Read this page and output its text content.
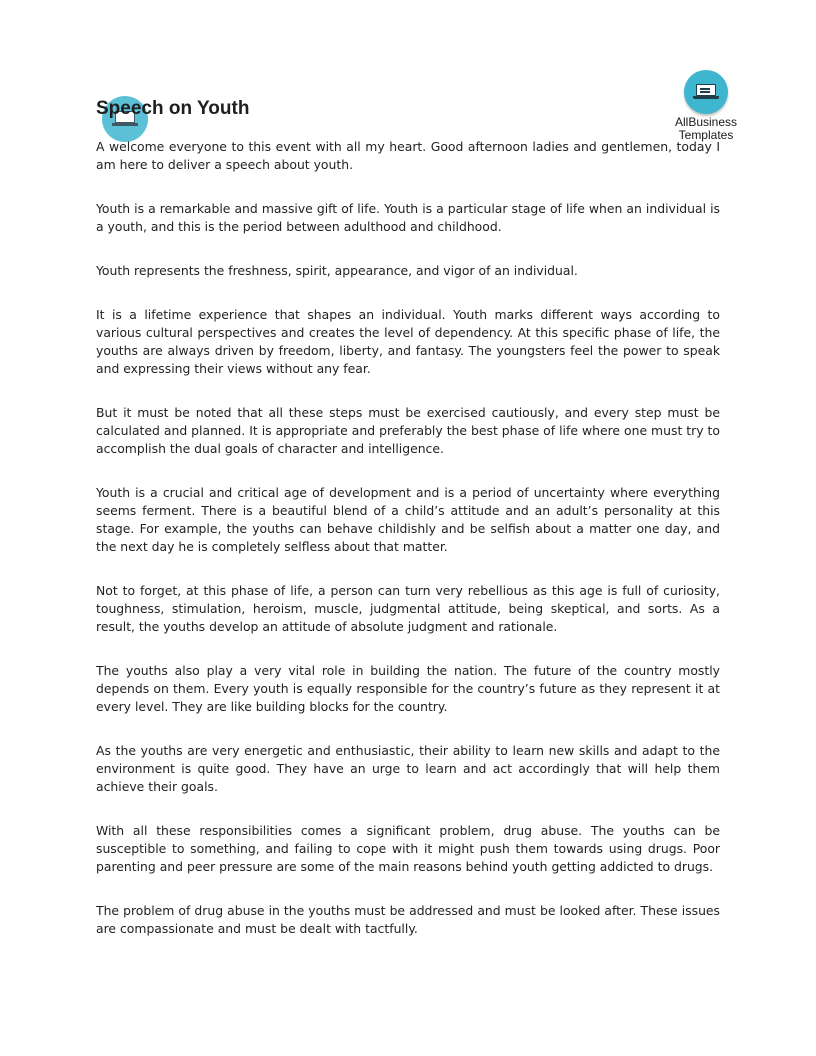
AllBusiness Templates
Speech on Youth

A welcome everyone to this event with all my heart. Good afternoon ladies and gentlemen, today I am here to deliver a speech about youth.

Youth is a remarkable and massive gift of life. Youth is a particular stage of life when an individual is a youth, and this is the period between adulthood and childhood.

Youth represents the freshness, spirit, appearance, and vigor of an individual.

It is a lifetime experience that shapes an individual. Youth marks different ways according to various cultural perspectives and creates the level of dependency. At this specific phase of life, the youths are always driven by freedom, liberty, and fantasy. The youngsters feel the power to speak and expressing their views without any fear.

But it must be noted that all these steps must be exercised cautiously, and every step must be calculated and planned. It is appropriate and preferably the best phase of life where one must try to accomplish the dual goals of character and intelligence.

Youth is a crucial and critical age of development and is a period of uncertainty where everything seems ferment. There is a beautiful blend of a child’s attitude and an adult’s personality at this stage. For example, the youths can behave childishly and be selfish about a matter one day, and the next day he is completely selfless about that matter.

Not to forget, at this phase of life, a person can turn very rebellious as this age is full of curiosity, toughness, stimulation, heroism, muscle, judgmental attitude, being skeptical, and sorts. As a result, the youths develop an attitude of absolute judgment and rationale.

The youths also play a very vital role in building the nation. The future of the country mostly depends on them. Every youth is equally responsible for the country’s future as they represent it at every level. They are like building blocks for the country.

As the youths are very energetic and enthusiastic, their ability to learn new skills and adapt to the environment is quite good. They have an urge to learn and act accordingly that will help them achieve their goals.

With all these responsibilities comes a significant problem, drug abuse. The youths can be susceptible to something, and failing to cope with it might push them towards using drugs. Poor parenting and peer pressure are some of the main reasons behind youth getting addicted to drugs.

The problem of drug abuse in the youths must be addressed and must be looked after. These issues are compassionate and must be dealt with tactfully.
